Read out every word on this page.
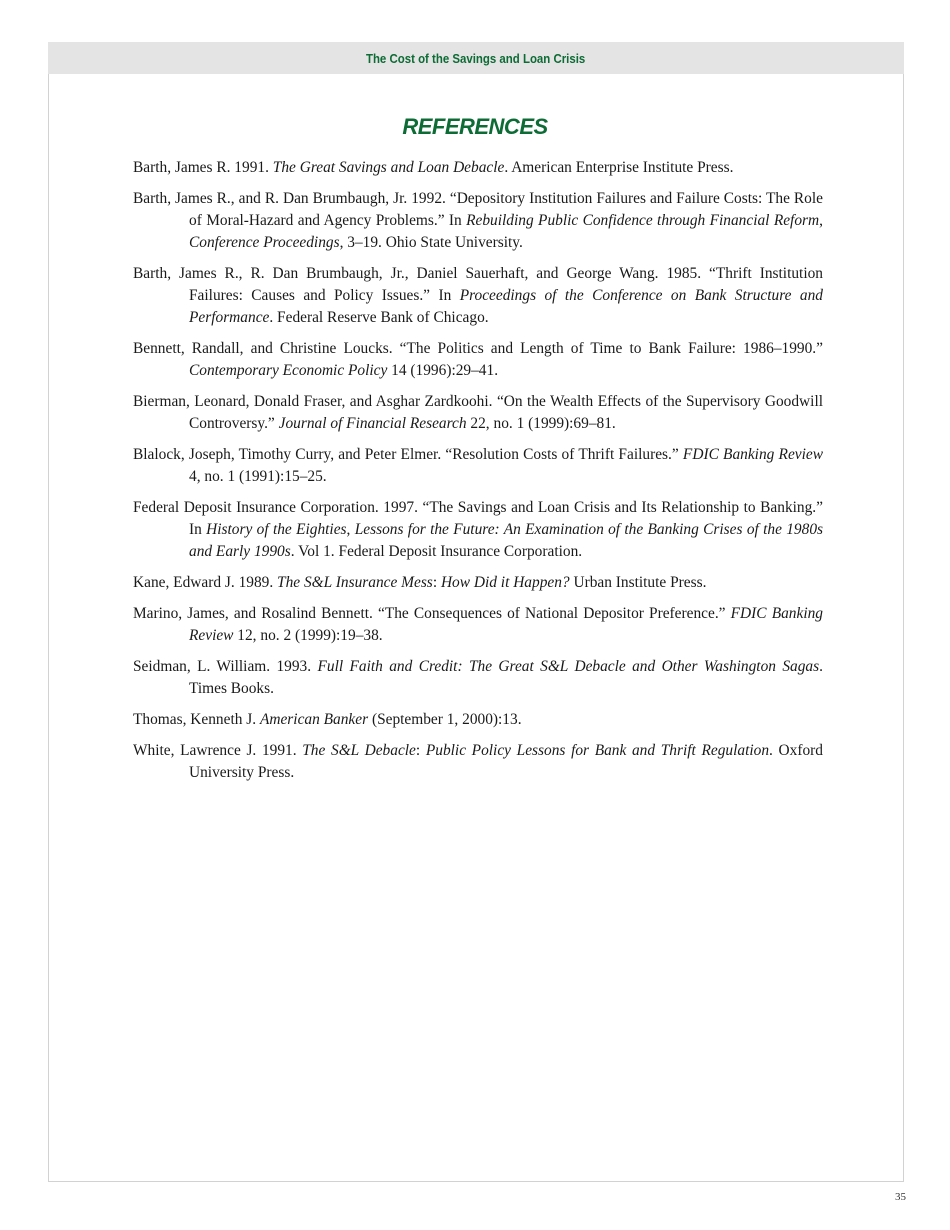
The Cost of the Savings and Loan Crisis
REFERENCES

Barth, James R. 1991. The Great Savings and Loan Debacle. American Enterprise Institute Press.

Barth, James R., and R. Dan Brumbaugh, Jr. 1992. “Depository Institution Failures and Failure Costs: The Role of Moral-Hazard and Agency Problems.” In Rebuilding Public Confidence through Financial Reform, Conference Proceedings, 3–19. Ohio State University.

Barth, James R., R. Dan Brumbaugh, Jr., Daniel Sauerhaft, and George Wang. 1985. “Thrift Institution Failures: Causes and Policy Issues.” In Proceedings of the Conference on Bank Structure and Performance. Federal Reserve Bank of Chicago.

Bennett, Randall, and Christine Loucks. “The Politics and Length of Time to Bank Failure: 1986–1990.” Contemporary Economic Policy 14 (1996):29–41.

Bierman, Leonard, Donald Fraser, and Asghar Zardkoohi. “On the Wealth Effects of the Supervisory Goodwill Controversy.” Journal of Financial Research 22, no. 1 (1999):69–81.

Blalock, Joseph, Timothy Curry, and Peter Elmer. “Resolution Costs of Thrift Failures.” FDIC Banking Review 4, no. 1 (1991):15–25.

Federal Deposit Insurance Corporation. 1997. “The Savings and Loan Crisis and Its Relationship to Banking.” In History of the Eighties, Lessons for the Future: An Examination of the Banking Crises of the 1980s and Early 1990s. Vol 1. Federal Deposit Insurance Corporation.

Kane, Edward J. 1989. The S&L Insurance Mess: How Did it Happen? Urban Institute Press.

Marino, James, and Rosalind Bennett. “The Consequences of National Depositor Preference.” FDIC Banking Review 12, no. 2 (1999):19–38.

Seidman, L. William. 1993. Full Faith and Credit: The Great S&L Debacle and Other Washington Sagas. Times Books.

Thomas, Kenneth J. American Banker (September 1, 2000):13.

White, Lawrence J. 1991. The S&L Debacle: Public Policy Lessons for Bank and Thrift Regulation. Oxford University Press.

35
